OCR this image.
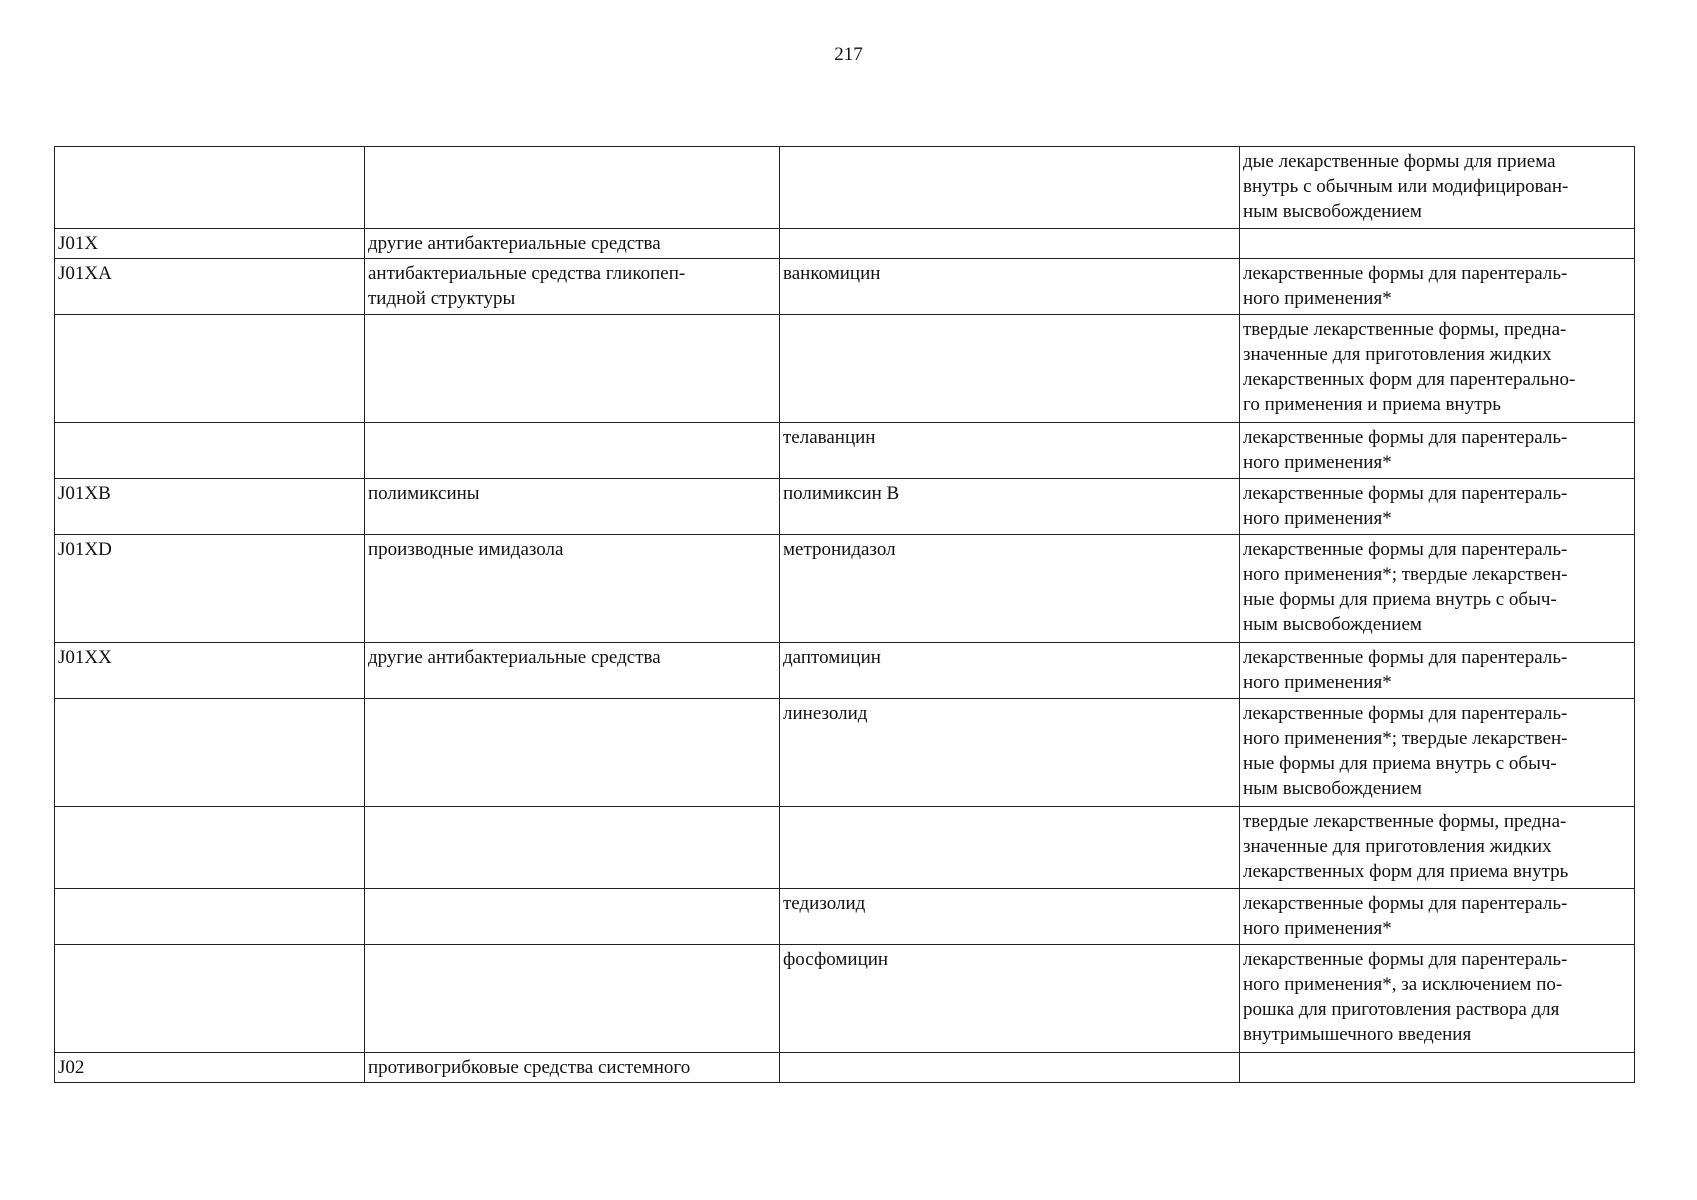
217

			дые лекарственные формы для приема
внутрь с обычным или модифицирован-
ным высвобождением

J01X	другие антибактериальные средства		

J01XA	антибактериальные средства гликопеп-
тидной структуры	ванкомицин	лекарственные формы для парентераль-
ного применения*

			твердые лекарственные формы, предна-
значенные для приготовления жидких
лекарственных форм для парентерально-
го применения и приема внутрь

		телаванцин	лекарственные формы для парентераль-
ного применения*

J01XB	полимиксины	полимиксин В	лекарственные формы для парентераль-
ного применения*

J01XD	производные имидазола	метронидазол	лекарственные формы для парентераль-
ного применения*; твердые лекарствен-
ные формы для приема внутрь с обыч-
ным высвобождением

J01XX	другие антибактериальные средства	даптомицин	лекарственные формы для парентераль-
ного применения*

		линезолид	лекарственные формы для парентераль-
ного применения*; твердые лекарствен-
ные формы для приема внутрь с обыч-
ным высвобождением

			твердые лекарственные формы, предна-
значенные для приготовления жидких
лекарственных форм для приема внутрь

		тедизолид	лекарственные формы для парентераль-
ного применения*

		фосфомицин	лекарственные формы для парентераль-
ного применения*, за исключением по-
рошка для приготовления раствора для
внутримышечного введения

J02	противогрибковые средства системного		
